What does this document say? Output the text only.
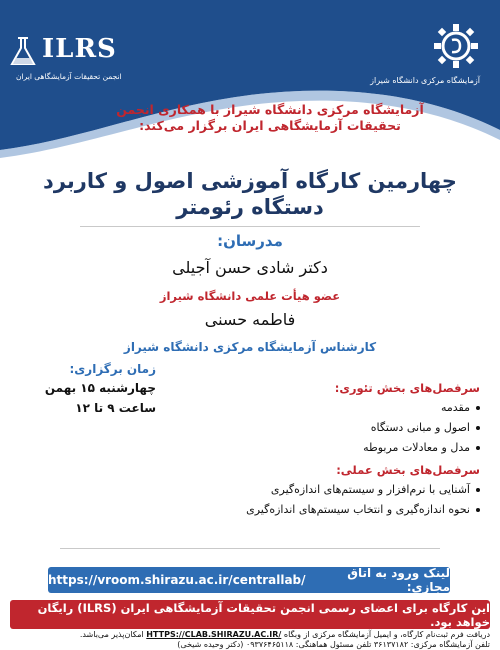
آزمایشگاه مرکزی دانشگاه شیراز
ILRS
انجمن تحقیقات آزمایشگاهی ایران
آزمایشگاه مرکزی دانشگاه شیراز با همکاری انجمن
تحقیقات آزمایشگاهی ایران برگزار می‌کند:
چهارمین کارگاه آموزشی اصول و کاربرد
دستگاه رئومتر
مدرسان:
دکتر شادی حسن آجیلی
عضو هیأت علمی دانشگاه شیراز
فاطمه حسنی
کارشناس آزمایشگاه مرکزی دانشگاه شیراز
زمان برگزاری:
چهارشنبه ۱۵ بهمن
ساعت ۹ تا ۱۲
سرفصل‌های بخش تئوری:
مقدمه
اصول و مبانی دستگاه
مدل و معادلات مربوطه
سرفصل‌های بخش عملی:
آشنایی با نرم‌افزار و سیستم‌های اندازه‌گیری
نحوه اندازه‌گیری و انتخاب سیستم‌های اندازه‌گیری
لینک ورود به اتاق مجازی:
https://vroom.shirazu.ac.ir/centrallab/
این کارگاه برای اعضای رسمی انجمن تحقیقات آزمایشگاهی ایران (ILRS) رایگان خواهد بود.
دریافت فرم ثبت‌نام کارگاه، و ایمیل آزمایشگاه مرکزی از وبگاه HTTPS://CLAB.SHIRAZU.AC.IR/ امکان‌پذیر می‌باشد.
تلفن آزمایشگاه مرکزی: ۳۶۱۳۷۱۸۲ تلفن مسئول هماهنگی: ۰۹۳۷۶۴۶۵۱۱۸ (دکتر وحیده شیخی)
